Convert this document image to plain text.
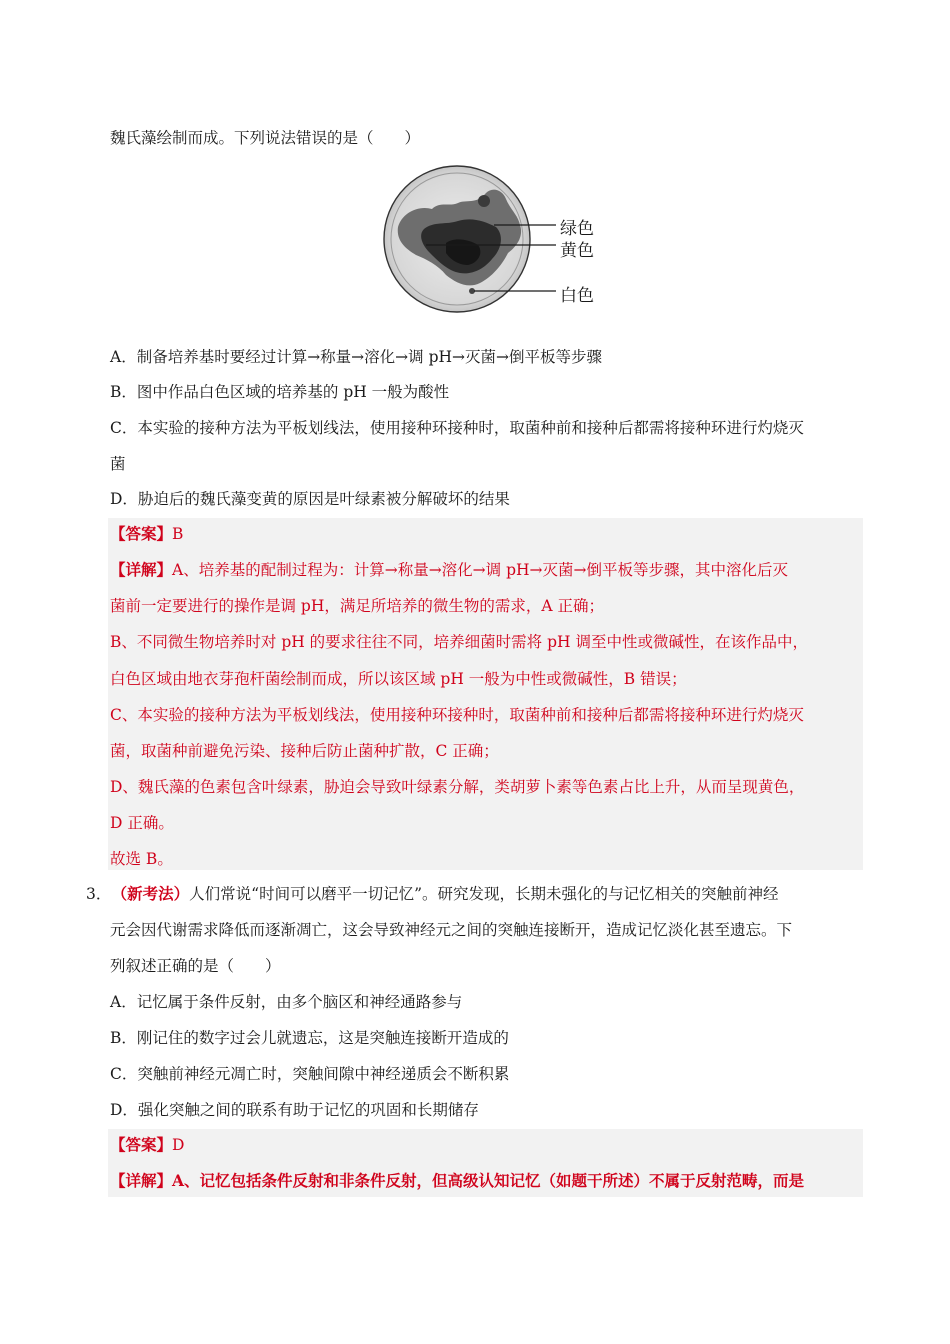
魏氏藻绘制而成。下列说法错误的是（　　）
绿色
黄色
白色
A．制备培养基时要经过计算→称量→溶化→调 pH→灭菌→倒平板等步骤
B．图中作品白色区域的培养基的 pH 一般为酸性
C．本实验的接种方法为平板划线法，使用接种环接种时，取菌种前和接种后都需将接种环进行灼烧灭
菌
D．胁迫后的魏氏藻变黄的原因是叶绿素被分解破坏的结果
【答案】B
【详解】A、培养基的配制过程为：计算→称量→溶化→调 pH→灭菌→倒平板等步骤，其中溶化后灭
菌前一定要进行的操作是调 pH，满足所培养的微生物的需求，A 正确；
B、不同微生物培养时对 pH 的要求往往不同，培养细菌时需将 pH 调至中性或微碱性，在该作品中，
白色区域由地衣芽孢杆菌绘制而成，所以该区域 pH 一般为中性或微碱性，B 错误；
C、本实验的接种方法为平板划线法，使用接种环接种时，取菌种前和接种后都需将接种环进行灼烧灭
菌，取菌种前避免污染、接种后防止菌种扩散，C 正确；
D、魏氏藻的色素包含叶绿素，胁迫会导致叶绿素分解，类胡萝卜素等色素占比上升，从而呈现黄色，
D 正确。
故选 B。
3． （新考法）人们常说“时间可以磨平一切记忆”。研究发现，长期未强化的与记忆相关的突触前神经
元会因代谢需求降低而逐渐凋亡，这会导致神经元之间的突触连接断开，造成记忆淡化甚至遗忘。下
列叙述正确的是（　　）
A．记忆属于条件反射，由多个脑区和神经通路参与
B．刚记住的数字过会儿就遗忘，这是突触连接断开造成的
C．突触前神经元凋亡时，突触间隙中神经递质会不断积累
D．强化突触之间的联系有助于记忆的巩固和长期储存
【答案】D
【详解】A、记忆包括条件反射和非条件反射，但高级认知记忆（如题干所述）不属于反射范畴，而是
